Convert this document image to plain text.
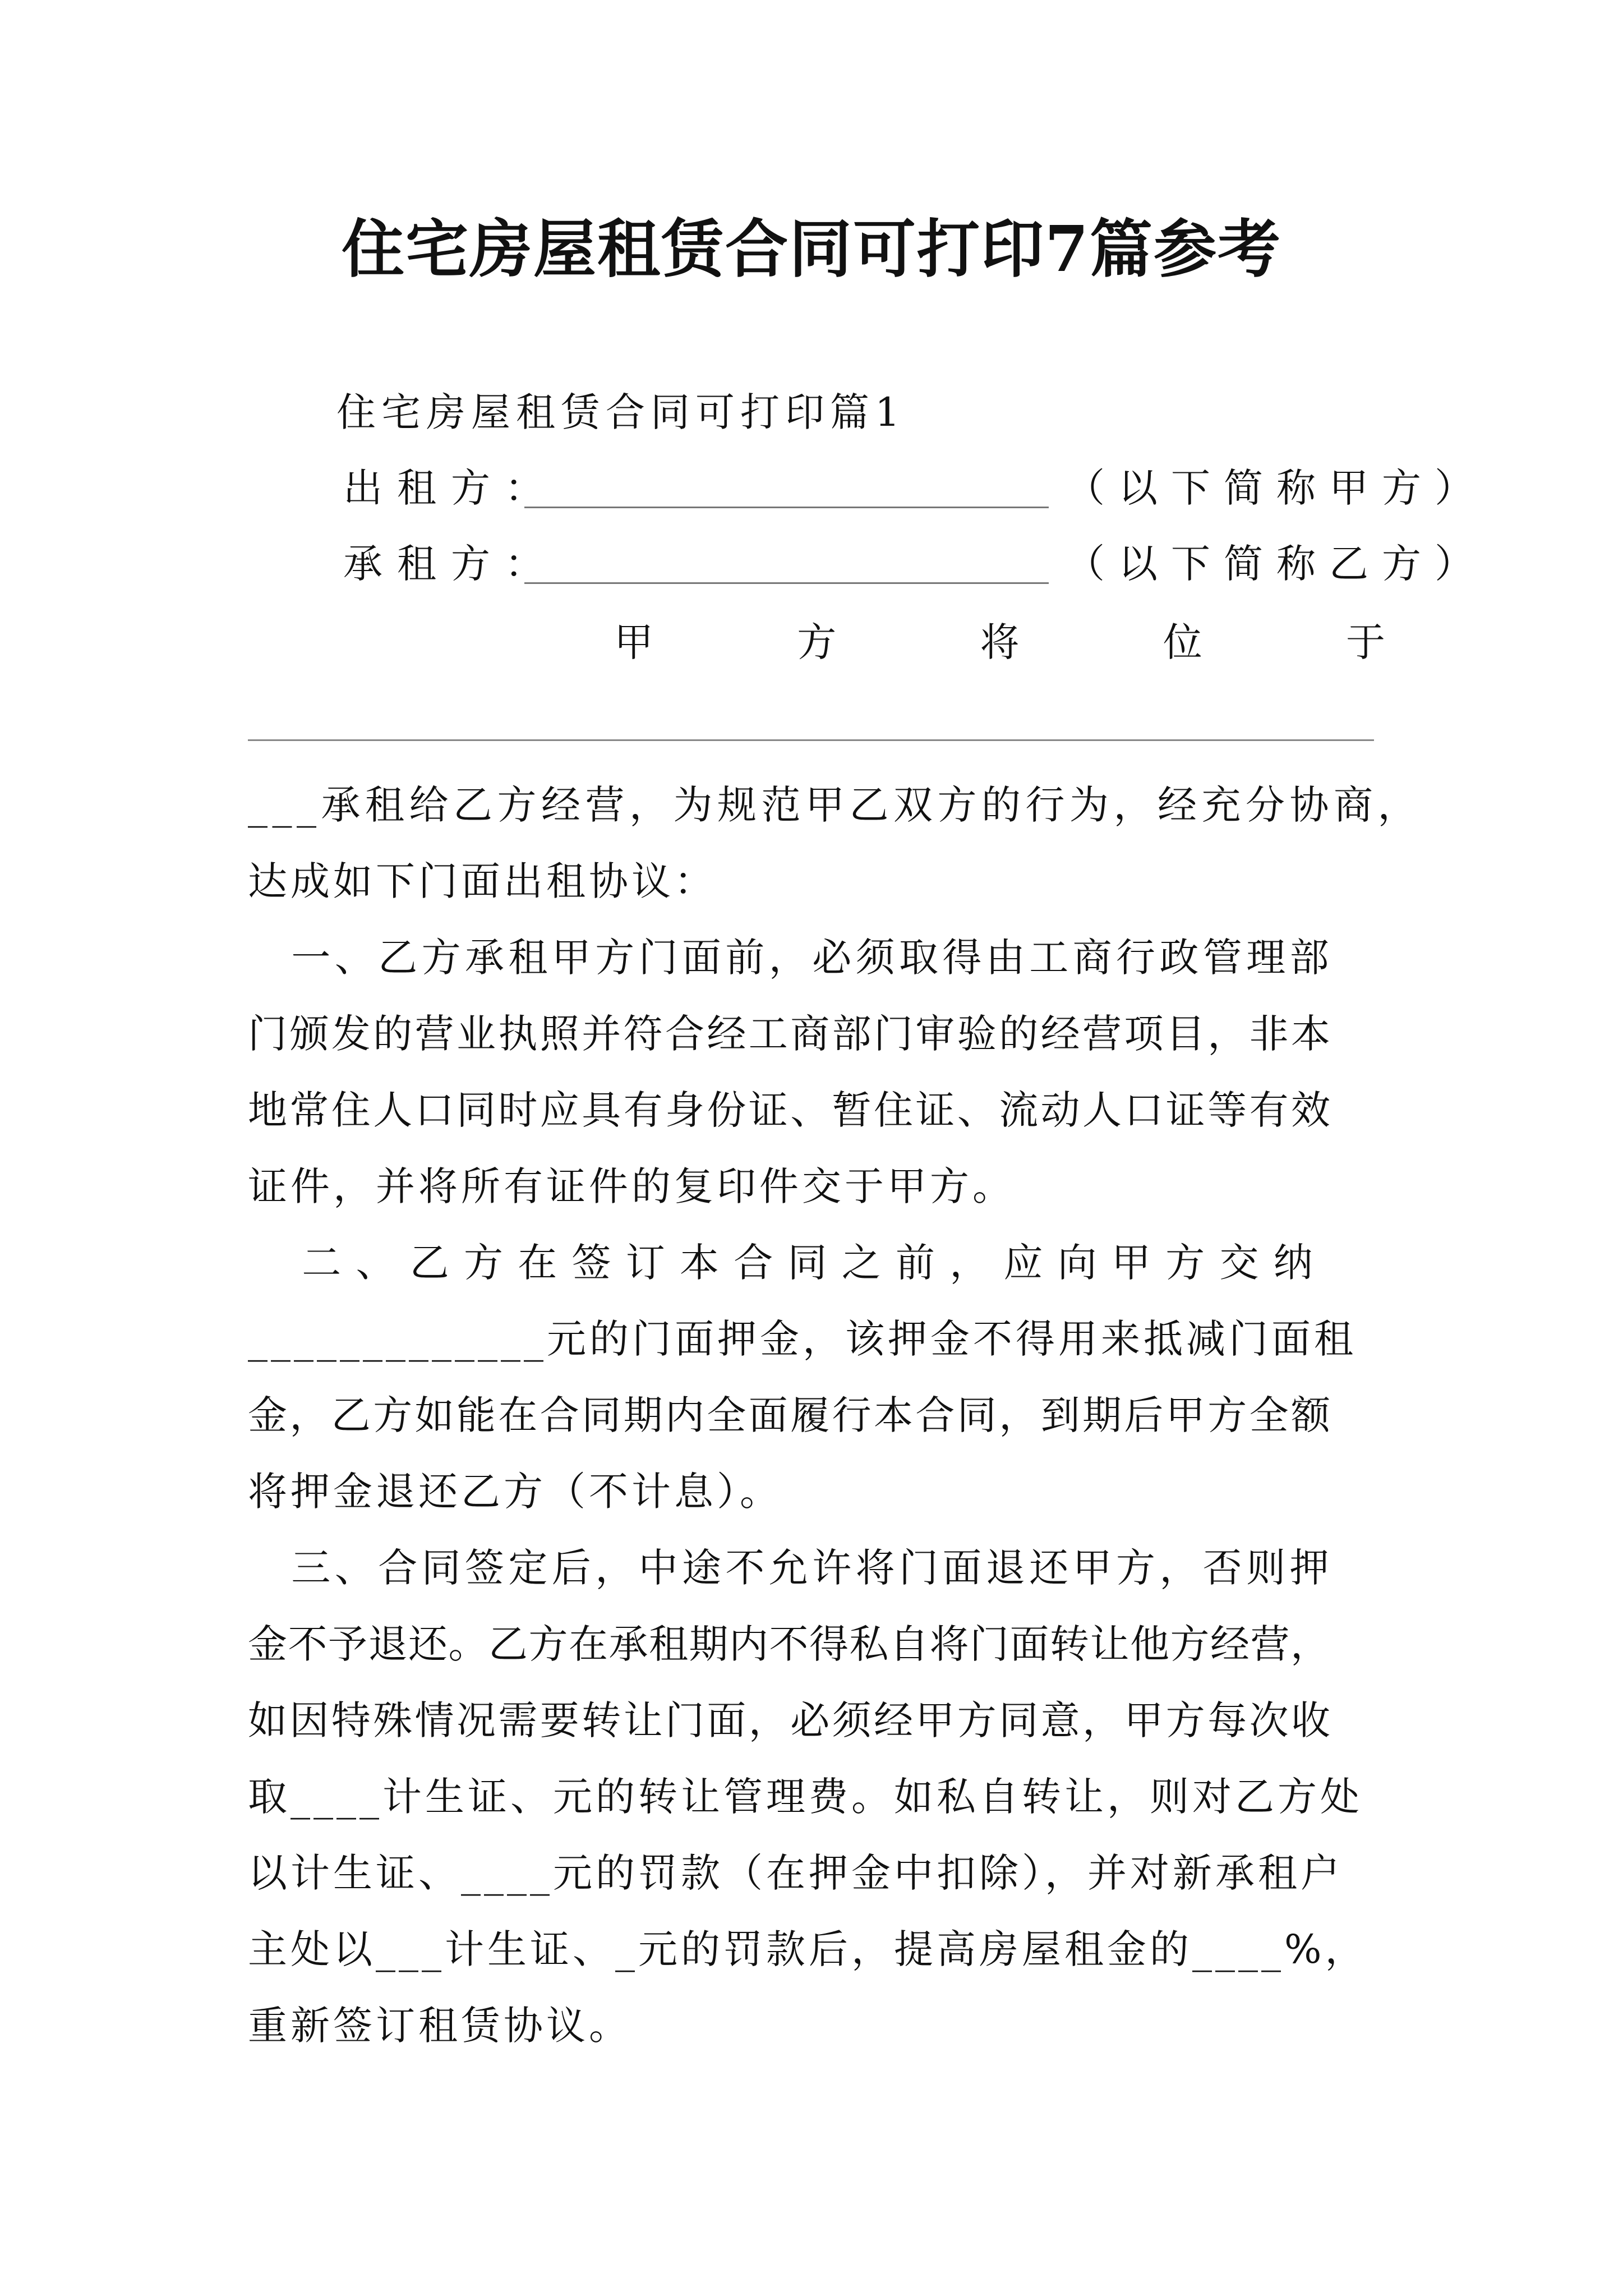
住宅房屋租赁合同可打印7篇参考
住宅房屋租赁合同可打印篇1
出租方：	（以下简称甲方）
承租方：	（以下简称乙方）
甲	方	将	位	于
___承租给乙方经营，为规范甲乙双方的行为，经充分协商，
达成如下门面出租协议：
　一、乙方承租甲方门面前，必须取得由工商行政管理部
门颁发的营业执照并符合经工商部门审验的经营项目，非本
地常住人口同时应具有身份证、暂住证、流动人口证等有效
证件，并将所有证件的复印件交于甲方。
　 二 、 乙 方 在 签 订 本 合 同 之 前 ， 应 向 甲 方 交 纳
_____________元的门面押金，该押金不得用来抵减门面租
金，乙方如能在合同期内全面履行本合同，到期后甲方全额
将押金退还乙方（不计息）。
　三、合同签定后，中途不允许将门面退还甲方，否则押
金不予退还。乙方在承租期内不得私自将门面转让他方经营，
如因特殊情况需要转让门面，必须经甲方同意，甲方每次收
取____计生证、元的转让管理费。如私自转让，则对乙方处
以计生证、____元的罚款（在押金中扣除），并对新承租户
主处以___计生证、_元的罚款后，提高房屋租金的____%，
重新签订租赁协议。
